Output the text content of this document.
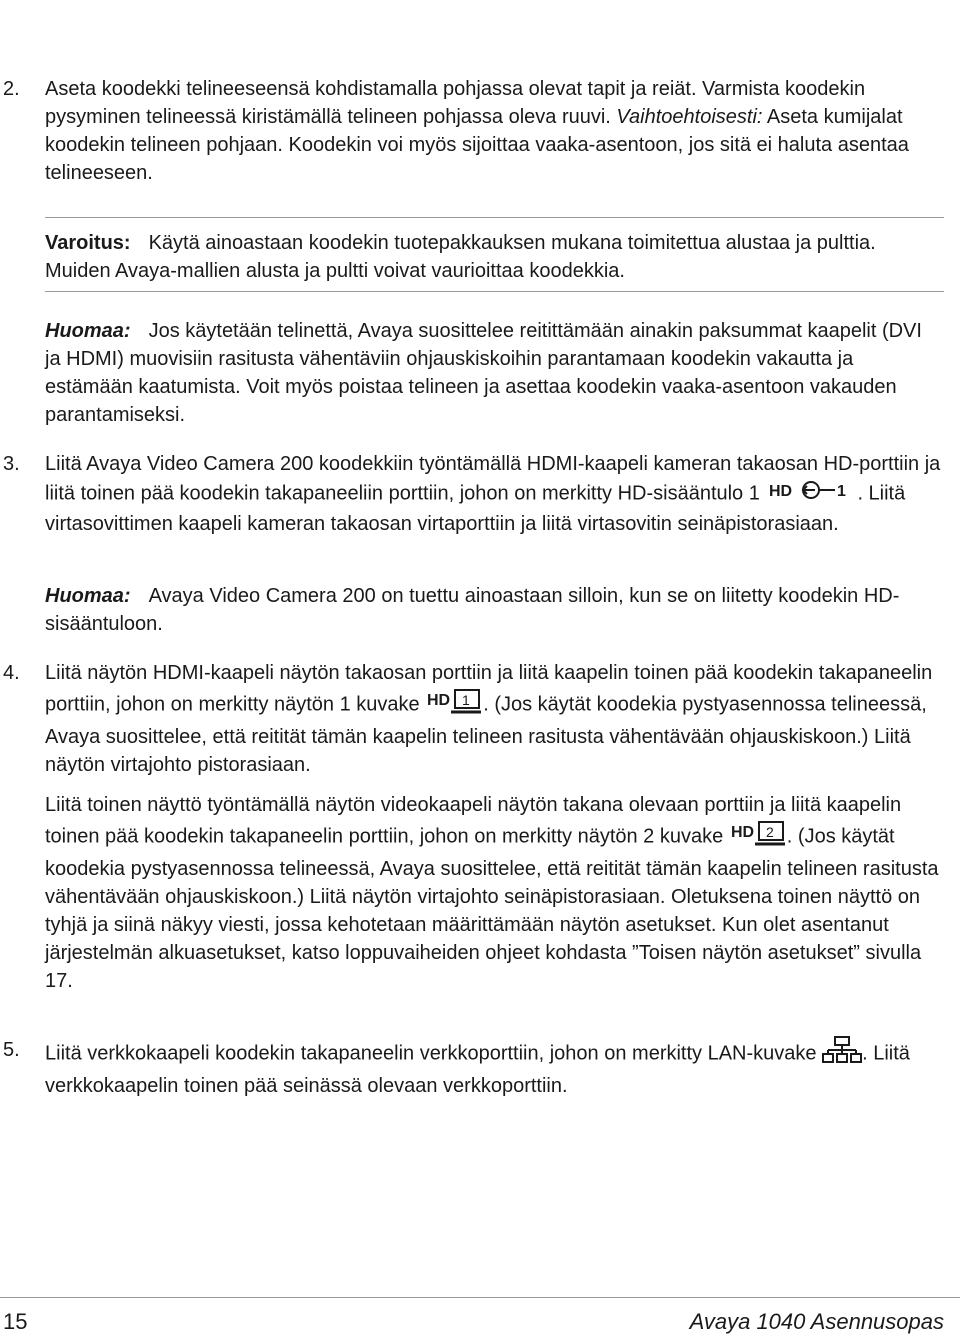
2. Aseta koodekki telineeseensä kohdistamalla pohjassa olevat tapit ja reiät. Varmista koodekin pysyminen telineessä kiristämällä telineen pohjassa oleva ruuvi. Vaihtoehtoisesti: Aseta kumijalat koodekin telineen pohjaan. Koodekin voi myös sijoittaa vaaka-asentoon, jos sitä ei haluta asentaa telineeseen.
Varoitus: Käytä ainoastaan koodekin tuotepakkauksen mukana toimitettua alustaa ja pulttia. Muiden Avaya-mallien alusta ja pultti voivat vaurioittaa koodekkia.
Huomaa: Jos käytetään telinettä, Avaya suosittelee reitittämään ainakin paksummat kaapelit (DVI ja HDMI) muovisiin rasitusta vähentäviin ohjauskiskoihin parantamaan koodekin vakautta ja estämään kaatumista. Voit myös poistaa telineen ja asettaa koodekin vaaka-asentoon vakauden parantamiseksi.
3. Liitä Avaya Video Camera 200 koodekkiin työntämällä HDMI-kaapeli kameran takaosan HD-porttiin ja liitä toinen pää koodekin takapaneeliin porttiin, johon on merkitty HD-sisääntulo 1 HD	1 . Liitä virtasovittimen kaapeli kameran takaosan virtaporttiin ja liitä virtasovitin seinäpistorasiaan.
Huomaa: Avaya Video Camera 200 on tuettu ainoastaan silloin, kun se on liitetty koodekin HD-sisääntuloon.
4. Liitä näytön HDMI-kaapeli näytön takaosan porttiin ja liitä kaapelin toinen pää koodekin takapaneelin porttiin, johon on merkitty näytön 1 kuvake HD 1 . (Jos käytät koodekia pystyasennossa telineessä, Avaya suosittelee, että reitität tämän kaapelin telineen rasitusta vähentävään ohjauskiskoon.) Liitä näytön virtajohto pistorasiaan.
Liitä toinen näyttö työntämällä näytön videokaapeli näytön takana olevaan porttiin ja liitä kaapelin toinen pää koodekin takapaneelin porttiin, johon on merkitty näytön 2 kuvake HD 2 . (Jos käytät koodekia pystyasennossa telineessä, Avaya suosittelee, että reitität tämän kaapelin telineen rasitusta vähentävään ohjauskiskoon.) Liitä näytön virtajohto seinäpistorasiaan. Oletuksena toinen näyttö on tyhjä ja siinä näkyy viesti, jossa kehotetaan määrittämään näytön asetukset. Kun olet asentanut järjestelmän alkuasetukset, katso loppuvaiheiden ohjeet kohdasta ”Toisen näytön asetukset” sivulla 17.
5. Liitä verkkokaapeli koodekin takapaneelin verkkoporttiin, johon on merkitty LAN-kuvake . Liitä verkkokaapelin toinen pää seinässä olevaan verkkoporttiin.
15	Avaya 1040 Asennusopas
